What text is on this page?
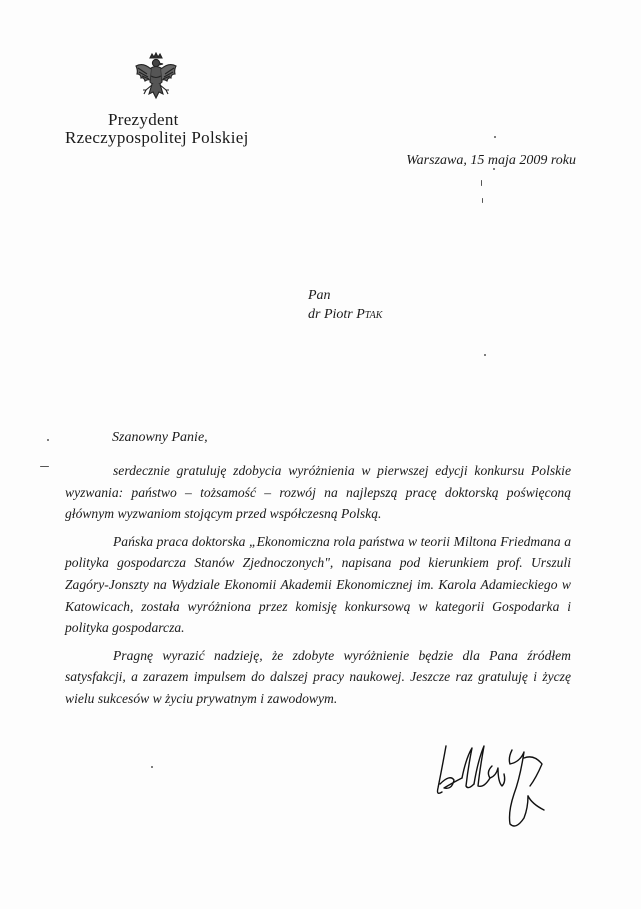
Prezydent
Rzeczypospolitej Polskiej
Warszawa, 15 maja 2009 roku
Pan
dr Piotr Ptak
Szanowny Panie,

serdecznie gratuluję zdobycia wyróżnienia w pierwszej edycji konkursu Polskie wyzwania: państwo – tożsamość – rozwój na najlepszą pracę doktorską poświęconą głównym wyzwaniom stojącym przed współczesną Polską.

Pańska praca doktorska „Ekonomiczna rola państwa w teorii Miltona Friedmana a polityka gospodarcza Stanów Zjednoczonych", napisana pod kierunkiem prof. Urszuli Zagóry-Jonszty na Wydziale Ekonomii Akademii Ekonomicznej im. Karola Adamieckiego w Katowicach, została wyróżniona przez komisję konkursową w kategorii Gospodarka i polityka gospodarcza.

Pragnę wyrazić nadzieję, że zdobyte wyróżnienie będzie dla Pana źródłem satysfakcji, a zarazem impulsem do dalszej pracy naukowej. Jeszcze raz gratuluję i życzę wielu sukcesów w życiu prywatnym i zawodowym.
